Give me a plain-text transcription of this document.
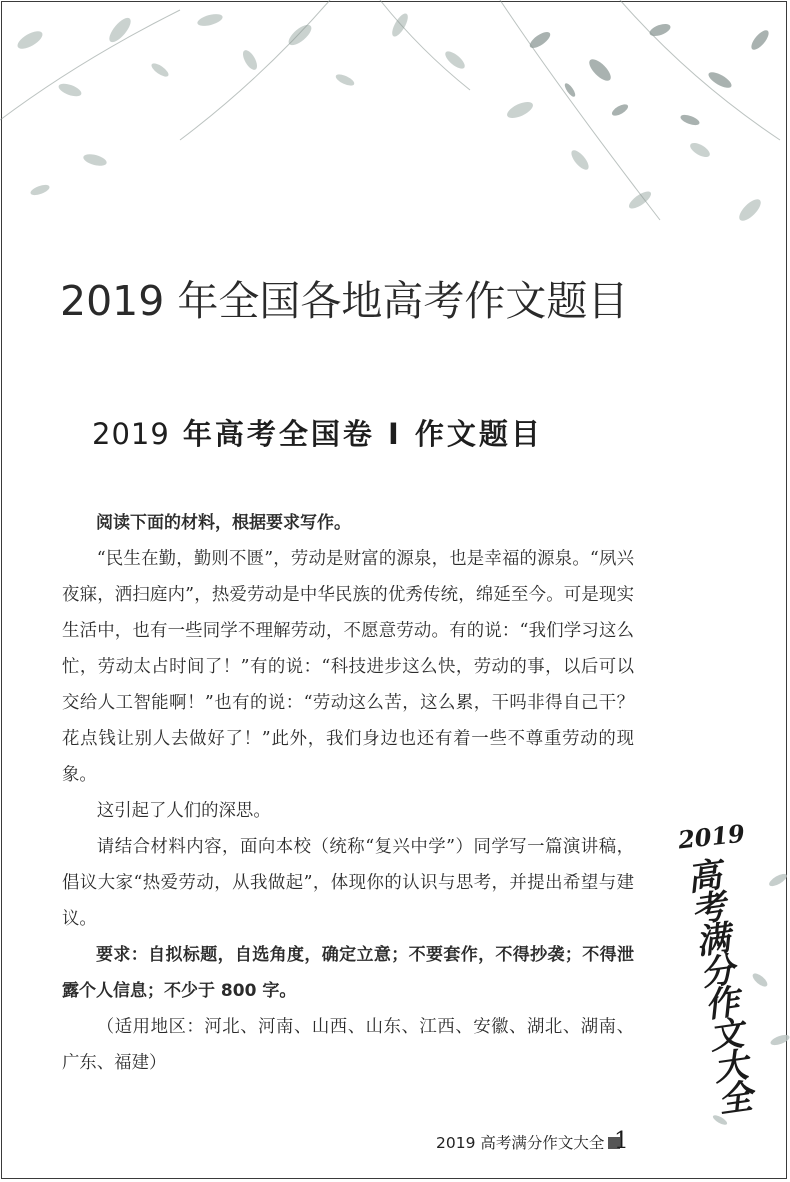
2019 年全国各地高考作文题目
2019 年高考全国卷 Ⅰ 作文题目

阅读下面的材料，根据要求写作。

“民生在勤，勤则不匮”，劳动是财富的源泉，也是幸福的源泉。“夙兴夜寐，洒扫庭内”，热爱劳动是中华民族的优秀传统，绵延至今。可是现实生活中，也有一些同学不理解劳动，不愿意劳动。有的说：“我们学习这么忙，劳动太占时间了！”有的说：“科技进步这么快，劳动的事，以后可以交给人工智能啊！”也有的说：“劳动这么苦，这么累，干吗非得自己干？花点钱让别人去做好了！”此外，我们身边也还有着一些不尊重劳动的现象。

这引起了人们的深思。

请结合材料内容，面向本校（统称“复兴中学”）同学写一篇演讲稿，倡议大家“热爱劳动，从我做起”，体现你的认识与思考，并提出希望与建议。

要求：自拟标题，自选角度，确定立意；不要套作，不得抄袭；不得泄露个人信息；不少于 800 字。

（适用地区：河北、河南、山西、山东、江西、安徽、湖北、湖南、广东、福建）

2019
高考满分作文大全
2019 高考满分作文大全 1
